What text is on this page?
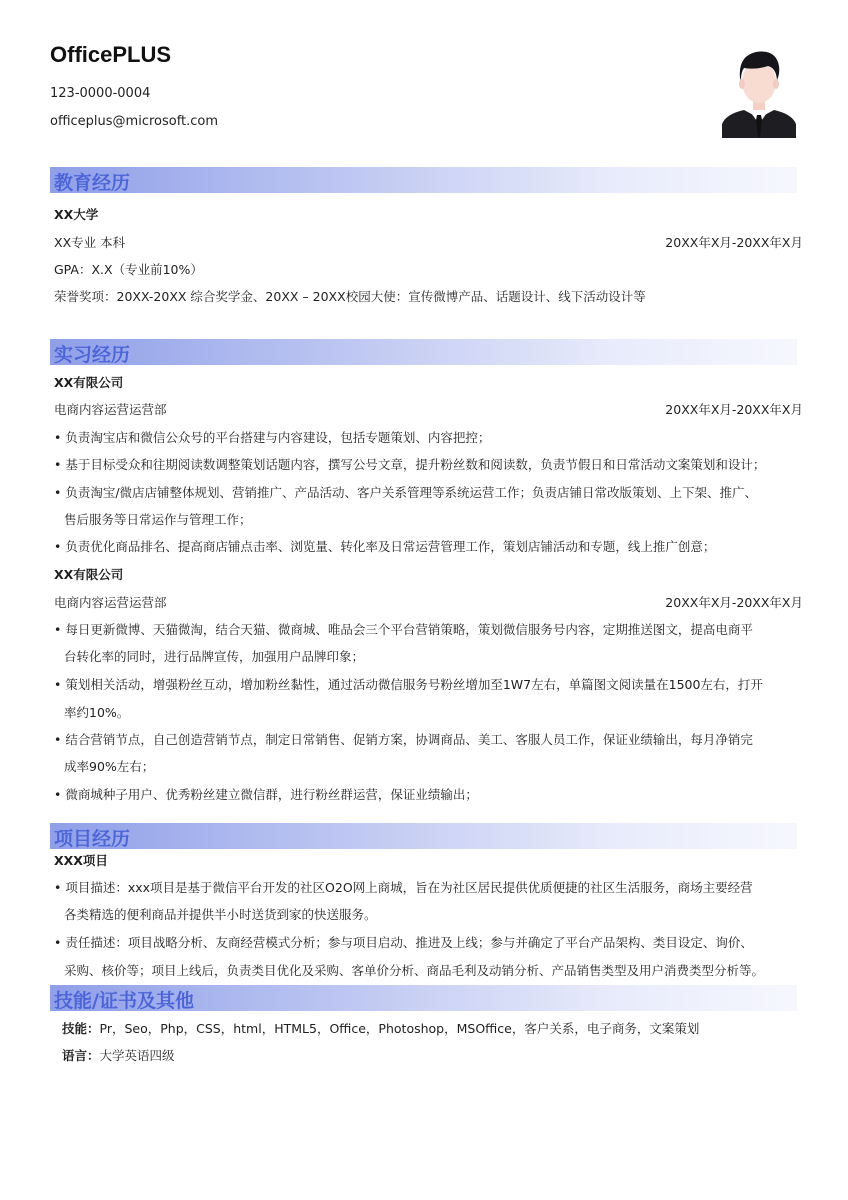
OfficePLUS
123-0000-0004
officeplus@microsoft.com
教育经历
XX大学
XX专业 本科	20XX年X月-20XX年X月
GPA：X.X（专业前10%）
荣誉奖项：20XX-20XX 综合奖学金、20XX – 20XX校园大使：宣传微博产品、话题设计、线下活动设计等
实习经历
XX有限公司
电商内容运营运营部	20XX年X月-20XX年X月
• 负责淘宝店和微信公众号的平台搭建与内容建设，包括专题策划、内容把控；
• 基于目标受众和往期阅读数调整策划话题内容，撰写公号文章，提升粉丝数和阅读数，负责节假日和日常活动文案策划和设计；
• 负责淘宝/微店店铺整体规划、营销推广、产品活动、客户关系管理等系统运营工作；负责店铺日常改版策划、上下架、推广、
售后服务等日常运作与管理工作；
• 负责优化商品排名、提高商店铺点击率、浏览量、转化率及日常运营管理工作，策划店铺活动和专题，线上推广创意；
XX有限公司
电商内容运营运营部	20XX年X月-20XX年X月
• 每日更新微博、天猫微淘，结合天猫、微商城、唯品会三个平台营销策略，策划微信服务号内容，定期推送图文，提高电商平
台转化率的同时，进行品牌宣传，加强用户品牌印象；
• 策划相关活动，增强粉丝互动，增加粉丝黏性，通过活动微信服务号粉丝增加至1W7左右，单篇图文阅读量在1500左右，打开
率约10%。
• 结合营销节点，自己创造营销节点，制定日常销售、促销方案，协调商品、美工、客服人员工作，保证业绩输出，每月净销完
成率90%左右；
• 微商城种子用户、优秀粉丝建立微信群，进行粉丝群运营，保证业绩输出；
项目经历
XXX项目
• 项目描述：xxx项目是基于微信平台开发的社区O2O网上商城，旨在为社区居民提供优质便捷的社区生活服务，商场主要经营
各类精选的便利商品并提供半小时送货到家的快送服务。
• 责任描述：项目战略分析、友商经营模式分析；参与项目启动、推进及上线；参与并确定了平台产品架构、类目设定、询价、
采购、核价等；项目上线后，负责类目优化及采购、客单价分析、商品毛利及动销分析、产品销售类型及用户消费类型分析等。
技能/证书及其他
技能：Pr，Seo，Php，CSS，html，HTML5，Office，Photoshop，MSOffice，客户关系，电子商务，文案策划
语言：大学英语四级
